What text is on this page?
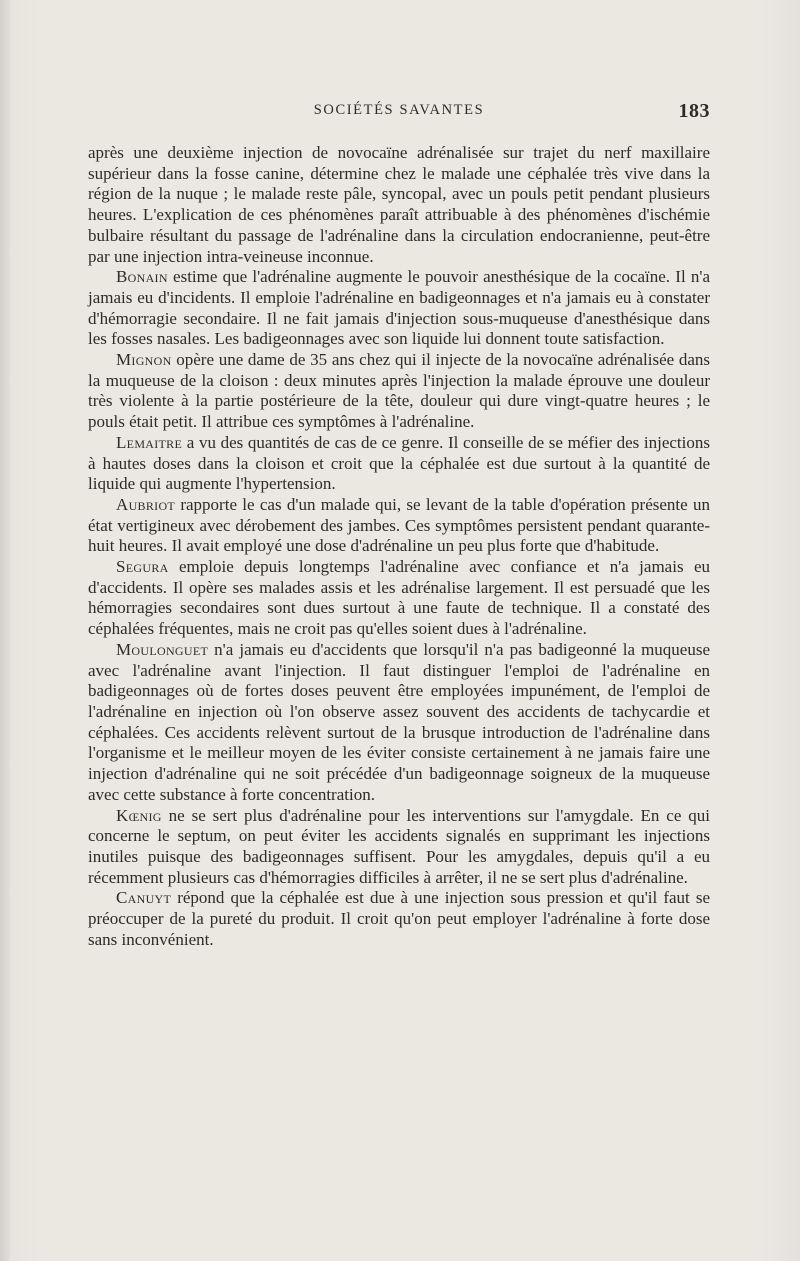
SOCIÉTÉS SAVANTES	183

après une deuxième injection de novocaïne adrénalisée sur trajet du nerf maxillaire supérieur dans la fosse canine, détermine chez le malade une céphalée très vive dans la région de la nuque ; le malade reste pâle, syncopal, avec un pouls petit pendant plusieurs heures. L'explication de ces phénomènes paraît attribuable à des phénomènes d'ischémie bulbaire résultant du passage de l'adrénaline dans la circulation endocranienne, peut-être par une injection intra-veineuse inconnue.

Bonain estime que l'adrénaline augmente le pouvoir anesthésique de la cocaïne. Il n'a jamais eu d'incidents. Il emploie l'adrénaline en badigeonnages et n'a jamais eu à constater d'hémorragie secondaire. Il ne fait jamais d'injection sous-muqueuse d'anesthésique dans les fosses nasales. Les badigeonnages avec son liquide lui donnent toute satisfaction.

Mignon opère une dame de 35 ans chez qui il injecte de la novocaïne adrénalisée dans la muqueuse de la cloison : deux minutes après l'injection la malade éprouve une douleur très violente à la partie postérieure de la tête, douleur qui dure vingt-quatre heures ; le pouls était petit. Il attribue ces symptômes à l'adrénaline.

Lemaitre a vu des quantités de cas de ce genre. Il conseille de se méfier des injections à hautes doses dans la cloison et croit que la céphalée est due surtout à la quantité de liquide qui augmente l'hypertension.

Aubriot rapporte le cas d'un malade qui, se levant de la table d'opération présente un état vertigineux avec dérobement des jambes. Ces symptômes persistent pendant quarante-huit heures. Il avait employé une dose d'adrénaline un peu plus forte que d'habitude.

Segura emploie depuis longtemps l'adrénaline avec confiance et n'a jamais eu d'accidents. Il opère ses malades assis et les adrénalise largement. Il est persuadé que les hémorragies secondaires sont dues surtout à une faute de technique. Il a constaté des céphalées fréquentes, mais ne croit pas qu'elles soient dues à l'adrénaline.

Moulonguet n'a jamais eu d'accidents que lorsqu'il n'a pas badigeonné la muqueuse avec l'adrénaline avant l'injection. Il faut distinguer l'emploi de l'adrénaline en badigeonnages où de fortes doses peuvent être employées impunément, de l'emploi de l'adrénaline en injection où l'on observe assez souvent des accidents de tachycardie et céphalées. Ces accidents relèvent surtout de la brusque introduction de l'adrénaline dans l'organisme et le meilleur moyen de les éviter consiste certainement à ne jamais faire une injection d'adrénaline qui ne soit précédée d'un badigeonnage soigneux de la muqueuse avec cette substance à forte concentration.

Kœnig ne se sert plus d'adrénaline pour les interventions sur l'amygdale. En ce qui concerne le septum, on peut éviter les accidents signalés en supprimant les injections inutiles puisque des badigeonnages suffisent. Pour les amygdales, depuis qu'il a eu récemment plusieurs cas d'hémorragies difficiles à arrêter, il ne se sert plus d'adrénaline.

Canuyt répond que la céphalée est due à une injection sous pression et qu'il faut se préoccuper de la pureté du produit. Il croit qu'on peut employer l'adrénaline à forte dose sans inconvénient.
